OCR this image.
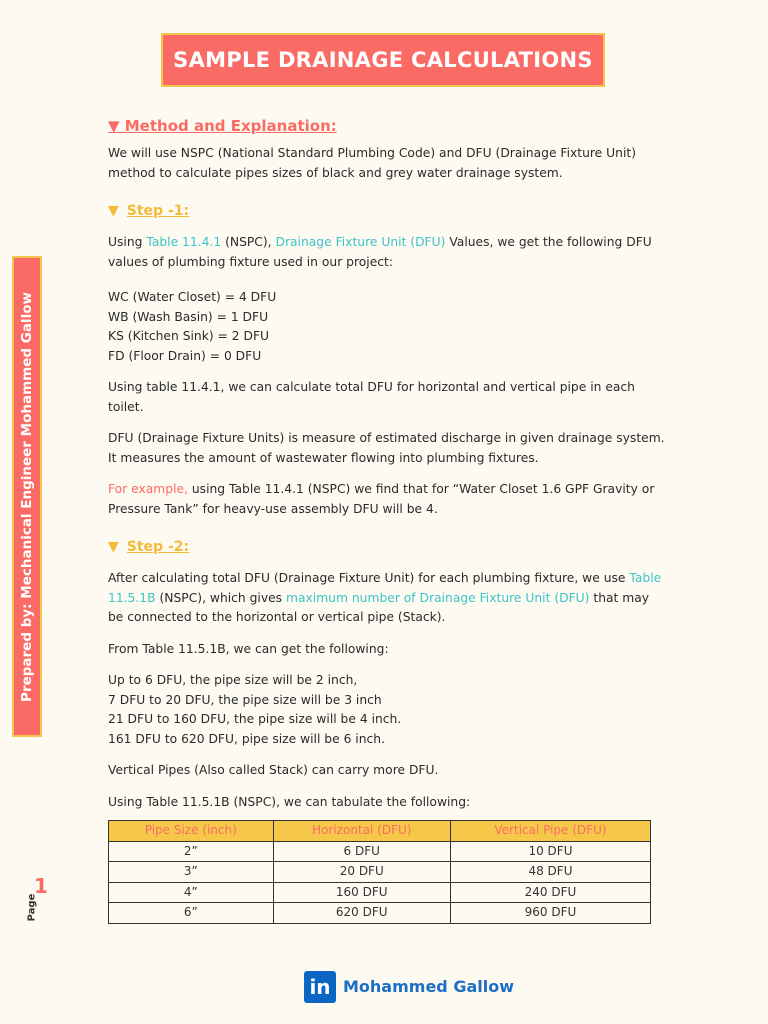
SAMPLE DRAINAGE CALCULATIONS
Prepared by: Mechanical Engineer Mohammed Gallow
Page
1
▼ Method and Explanation:

We will use NSPC (National Standard Plumbing Code) and DFU (Drainage Fixture Unit) method to calculate pipes sizes of black and grey water drainage system.

▼ Step -1:

Using Table 11.4.1 (NSPC), Drainage Fixture Unit (DFU) Values, we get the following DFU values of plumbing fixture used in our project:

WC (Water Closet) = 4 DFU
WB (Wash Basin) = 1 DFU
KS (Kitchen Sink) = 2 DFU
FD (Floor Drain) = 0 DFU

Using table 11.4.1, we can calculate total DFU for horizontal and vertical pipe in each toilet.

DFU (Drainage Fixture Units) is measure of estimated discharge in given drainage system. It measures the amount of wastewater flowing into plumbing fixtures.

For example, using Table 11.4.1 (NSPC) we find that for “Water Closet 1.6 GPF Gravity or Pressure Tank” for heavy-use assembly DFU will be 4.

▼ Step -2:

After calculating total DFU (Drainage Fixture Unit) for each plumbing fixture, we use Table 11.5.1B (NSPC), which gives maximum number of Drainage Fixture Unit (DFU) that may be connected to the horizontal or vertical pipe (Stack).

From Table 11.5.1B, we can get the following:

Up to 6 DFU, the pipe size will be 2 inch,
7 DFU to 20 DFU, the pipe size will be 3 inch
21 DFU to 160 DFU, the pipe size will be 4 inch.
161 DFU to 620 DFU, pipe size will be 6 inch.

Vertical Pipes (Also called Stack) can carry more DFU.

Using Table 11.5.1B (NSPC), we can tabulate the following:

Pipe Size (inch)	Horizontal (DFU)	Vertical Pipe (DFU)
2”	6 DFU	10 DFU
3”	20 DFU	48 DFU
4”	160 DFU	240 DFU
6”	620 DFU	960 DFU
in Mohammed Gallow
